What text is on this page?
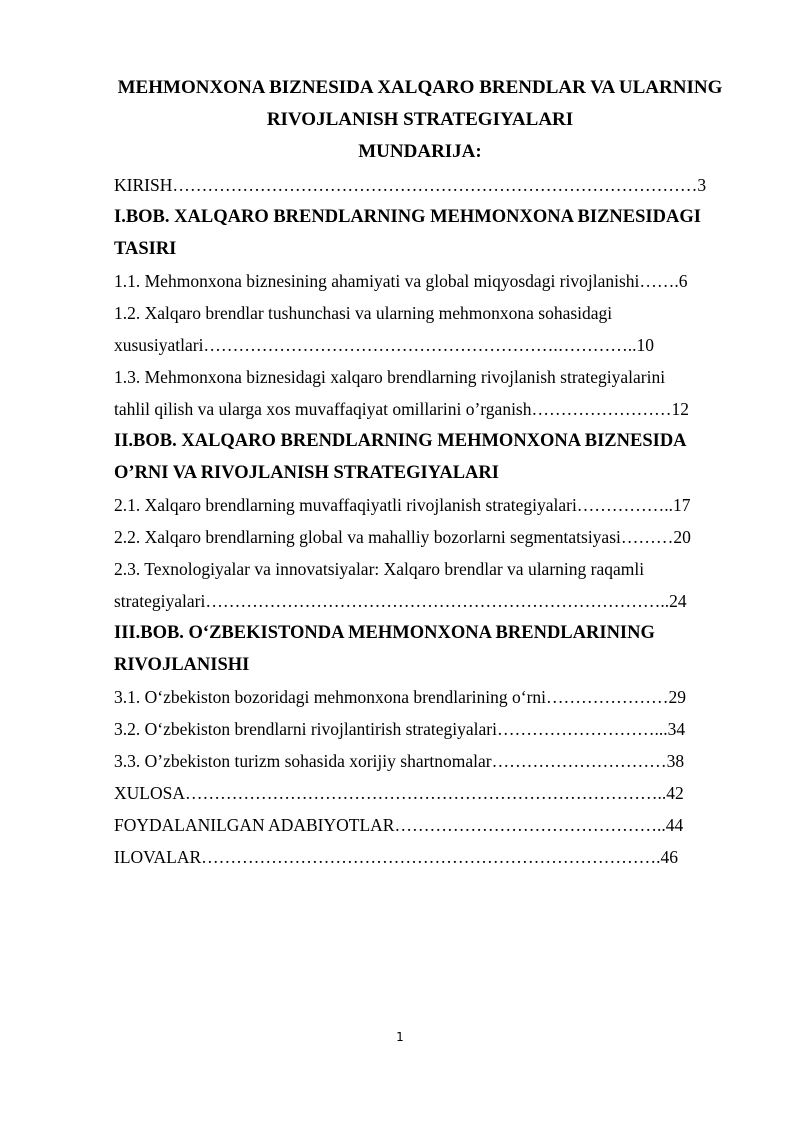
MEHMONXONA BIZNESIDA XALQARO BRENDLAR VA ULARNING
RIVOJLANISH STRATEGIYALARI
MUNDARIJA:
KIRISH………………………………………………………………………………3
I.BOB. XALQARO BRENDLARNING MEHMONXONA BIZNESIDAGI
TASIRI
1.1. Mehmonxona biznesining ahamiyati va global miqyosdagi rivojlanishi…….6
1.2. Xalqaro brendlar tushunchasi va ularning mehmonxona sohasidagi
xususiyatlari…………………………………………………….…………..10
1.3. Mehmonxona biznesidagi xalqaro brendlarning rivojlanish strategiyalarini
tahlil qilish va ularga xos muvaffaqiyat omillarini o’rganish……………………12
II.BOB. XALQARO BRENDLARNING MEHMONXONA BIZNESIDA
O’RNI VA RIVOJLANISH STRATEGIYALARI
2.1. Xalqaro brendlarning muvaffaqiyatli rivojlanish strategiyalari……………..17
2.2. Xalqaro brendlarning global va mahalliy bozorlarni segmentatsiyasi………20
2.3. Texnologiyalar va innovatsiyalar: Xalqaro brendlar va ularning raqamli
strategiyalari……………………………………………………………………..24
III.BOB. O‘ZBEKISTONDA MEHMONXONA BRENDLARINING
RIVOJLANISHI
3.1. O‘zbekiston bozoridagi mehmonxona brendlarining o‘rni…………………29
3.2. O‘zbekiston brendlarni rivojlantirish strategiyalari………………………...34
3.3. O’zbekiston turizm sohasida xorijiy shartnomalar…………………………38
XULOSA………………………………………………………………………..42
FOYDALANILGAN ADABIYOTLAR………………………………………..44
ILOVALAR…………………………………………………………………….46
1
